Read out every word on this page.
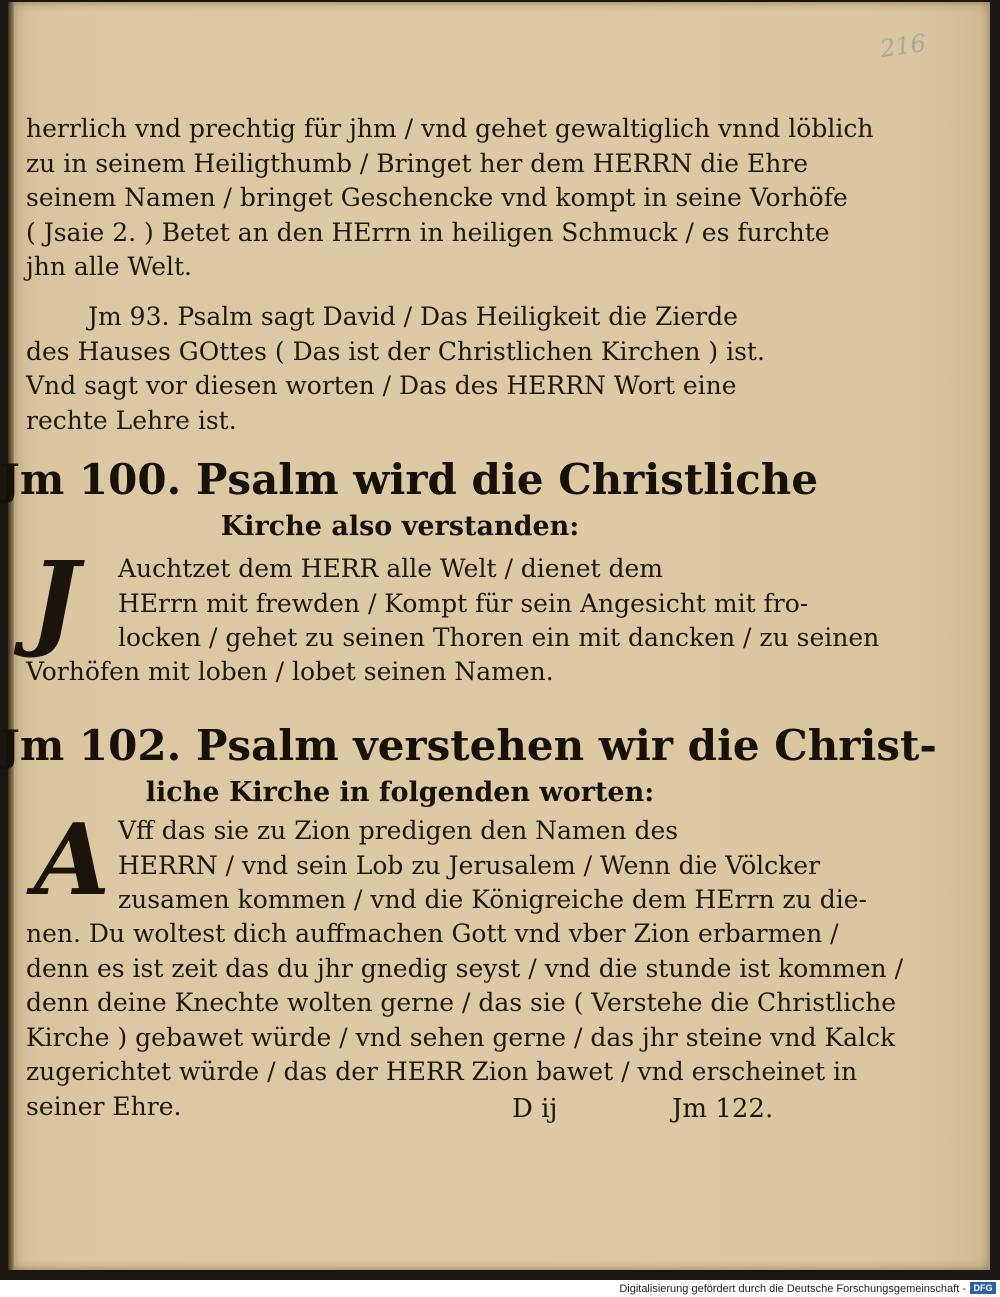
216
herrlich vnd prechtig für jhm / vnd gehet gewaltiglich vnnd löblich
zu in seinem Heiligthumb / Bringet her dem HERRN die Ehre
seinem Namen / bringet Geschencke vnd kompt in seine Vorhöfe
( Jsaie 2. ) Betet an den HErrn in heiligen Schmuck / es furchte
jhn alle Welt.
Jm 93. Psalm sagt David / Das Heiligkeit die Zierde
des Hauses GOttes ( Das ist der Christlichen Kirchen ) ist.
Vnd sagt vor diesen worten / Das des HERRN Wort eine
rechte Lehre ist.
Jm 100. Psalm wird die Christliche
Kirche also verstanden:
J Auchtzet dem HERR alle Welt / dienet dem
HErrn mit frewden / Kompt für sein Angesicht mit fro-
locken / gehet zu seinen Thoren ein mit dancken / zu seinen
Vorhöfen mit loben / lobet seinen Namen.
Jm 102. Psalm verstehen wir die Christ-
liche Kirche in folgenden worten:
A Vff das sie zu Zion predigen den Namen des
HERRN / vnd sein Lob zu Jerusalem / Wenn die Völcker
zusamen kommen / vnd die Königreiche dem HErrn zu die-
nen. Du woltest dich auffmachen Gott vnd vber Zion erbarmen /
denn es ist zeit das du jhr gnedig seyst / vnd die stunde ist kommen /
denn deine Knechte wolten gerne / das sie ( Verstehe die Christliche
Kirche ) gebawet würde / vnd sehen gerne / das jhr steine vnd Kalck
zugerichtet würde / das der HERR Zion bawet / vnd erscheinet in
seiner Ehre.	D ij	Jm 122.
Digitalisierung gefördert durch die Deutsche Forschungsgemeinschaft - DFG
